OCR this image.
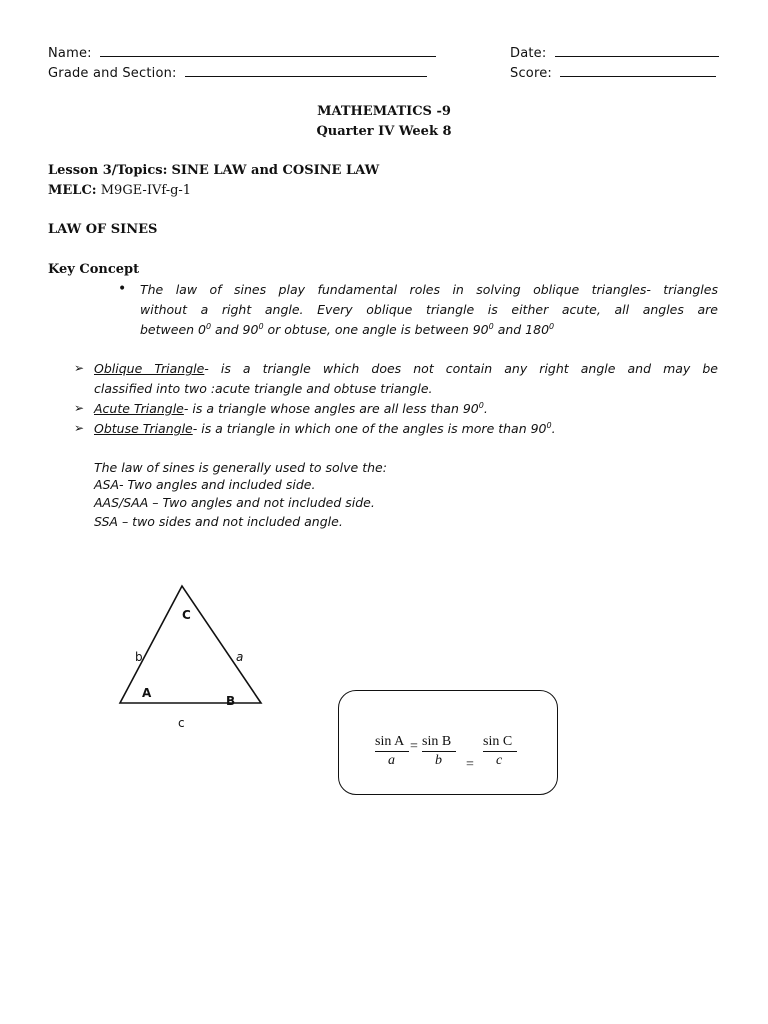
Name:	Date:
Grade and Section:	Score:
MATHEMATICS -9
Quarter IV Week 8
Lesson 3/Topics: SINE LAW and COSINE LAW
MELC: M9GE-IVf-g-1
LAW OF SINES
Key Concept
• The law of sines play fundamental roles in solving oblique triangles- triangles
without a right angle. Every oblique triangle is either acute, all angles are
between $0^0$ and $90^0$ or obtuse, one angle is between $90^0$ and $180^0$
➢ Oblique Triangle- is a triangle which does not contain any right angle and may be
classified into two :acute triangle and obtuse triangle.
➢ Acute Triangle- is a triangle whose angles are all less than $90^0$.
➢ Obtuse Triangle- is a triangle in which one of the angles is more than $90^0$.
The law of sines is generally used to solve the:
ASA- Two angles and included side.
AAS/SAA – Two angles and not included side.
SSA – two sides and not included angle.
C
b	a
A
B
c
sin A
a
= sin B
b =
sin C
c
